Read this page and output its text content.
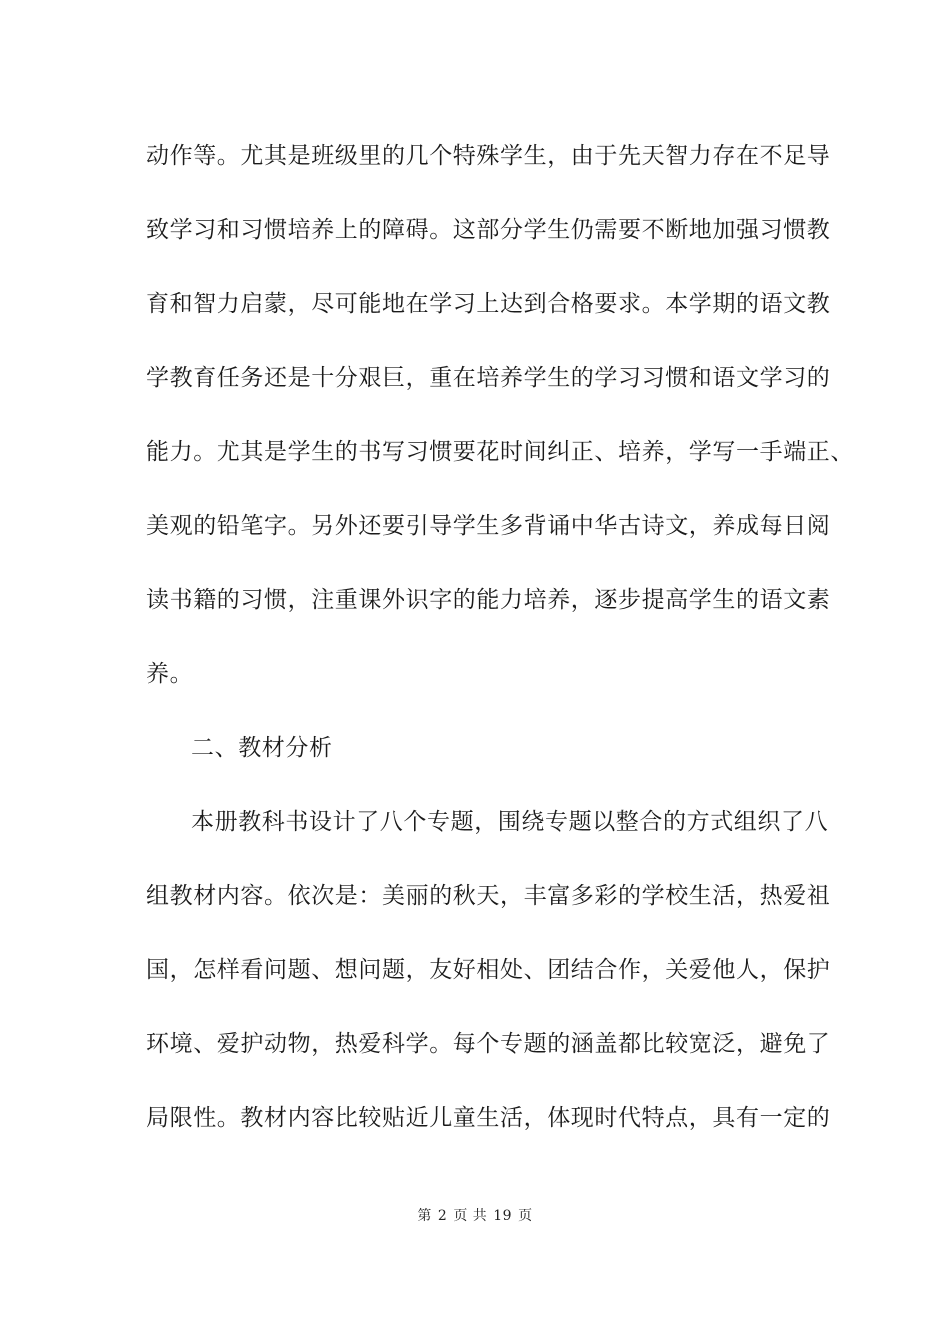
动作等。尤其是班级里的几个特殊学生，由于先天智力存在不足导
致学习和习惯培养上的障碍。这部分学生仍需要不断地加强习惯教
育和智力启蒙，尽可能地在学习上达到合格要求。本学期的语文教
学教育任务还是十分艰巨，重在培养学生的学习习惯和语文学习的
能力。尤其是学生的书写习惯要花时间纠正、培养，学写一手端正、
美观的铅笔字。另外还要引导学生多背诵中华古诗文，养成每日阅
读书籍的习惯，注重课外识字的能力培养，逐步提高学生的语文素
养。
二、教材分析
本册教科书设计了八个专题，围绕专题以整合的方式组织了八
组教材内容。依次是：美丽的秋天，丰富多彩的学校生活，热爱祖
国，怎样看问题、想问题，友好相处、团结合作，关爱他人，保护
环境、爱护动物，热爱科学。每个专题的涵盖都比较宽泛，避免了
局限性。教材内容比较贴近儿童生活，体现时代特点，具有一定的
第 2 页 共 19 页
